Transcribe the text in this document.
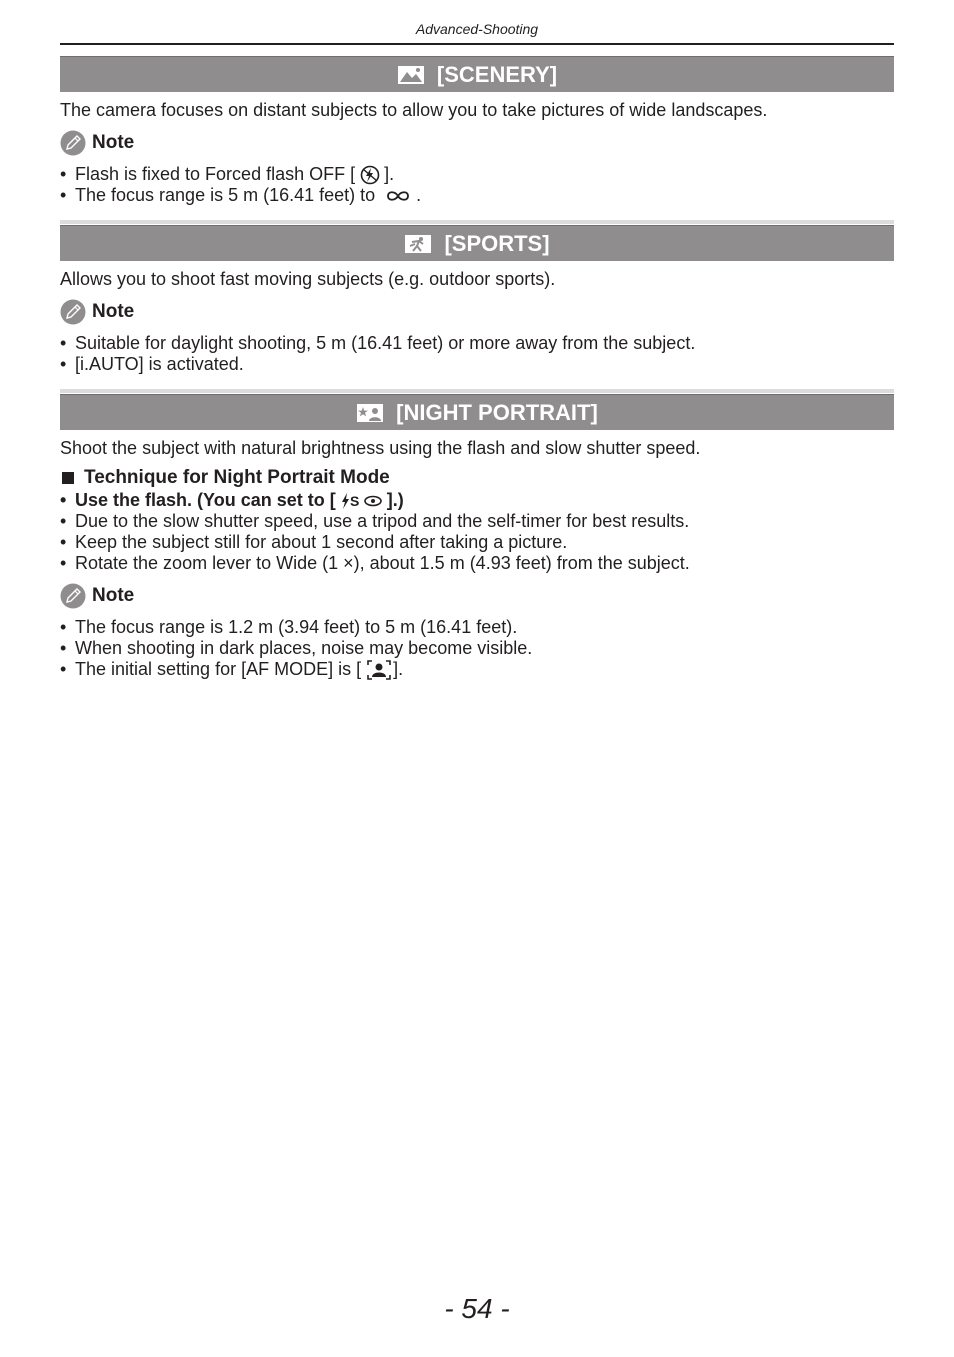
Advanced-Shooting
[SCENERY]
The camera focuses on distant subjects to allow you to take pictures of wide landscapes.
Note
• Flash is fixed to Forced flash OFF [ ].
• The focus range is 5 m (16.41 feet) to .
[SPORTS]
Allows you to shoot fast moving subjects (e.g. outdoor sports).
Note
• Suitable for daylight shooting, 5 m (16.41 feet) or more away from the subject.
• [i.AUTO] is activated.
[NIGHT PORTRAIT]
Shoot the subject with natural brightness using the flash and slow shutter speed.
Technique for Night Portrait Mode
• Use the flash. (You can set to [ S ].)
• Due to the slow shutter speed, use a tripod and the self-timer for best results.
• Keep the subject still for about 1 second after taking a picture.
• Rotate the zoom lever to Wide (1 ×), about 1.5 m (4.93 feet) from the subject.
Note
• The focus range is 1.2 m (3.94 feet) to 5 m (16.41 feet).
• When shooting in dark places, noise may become visible.
• The initial setting for [AF MODE] is [ ].
- 54 -
